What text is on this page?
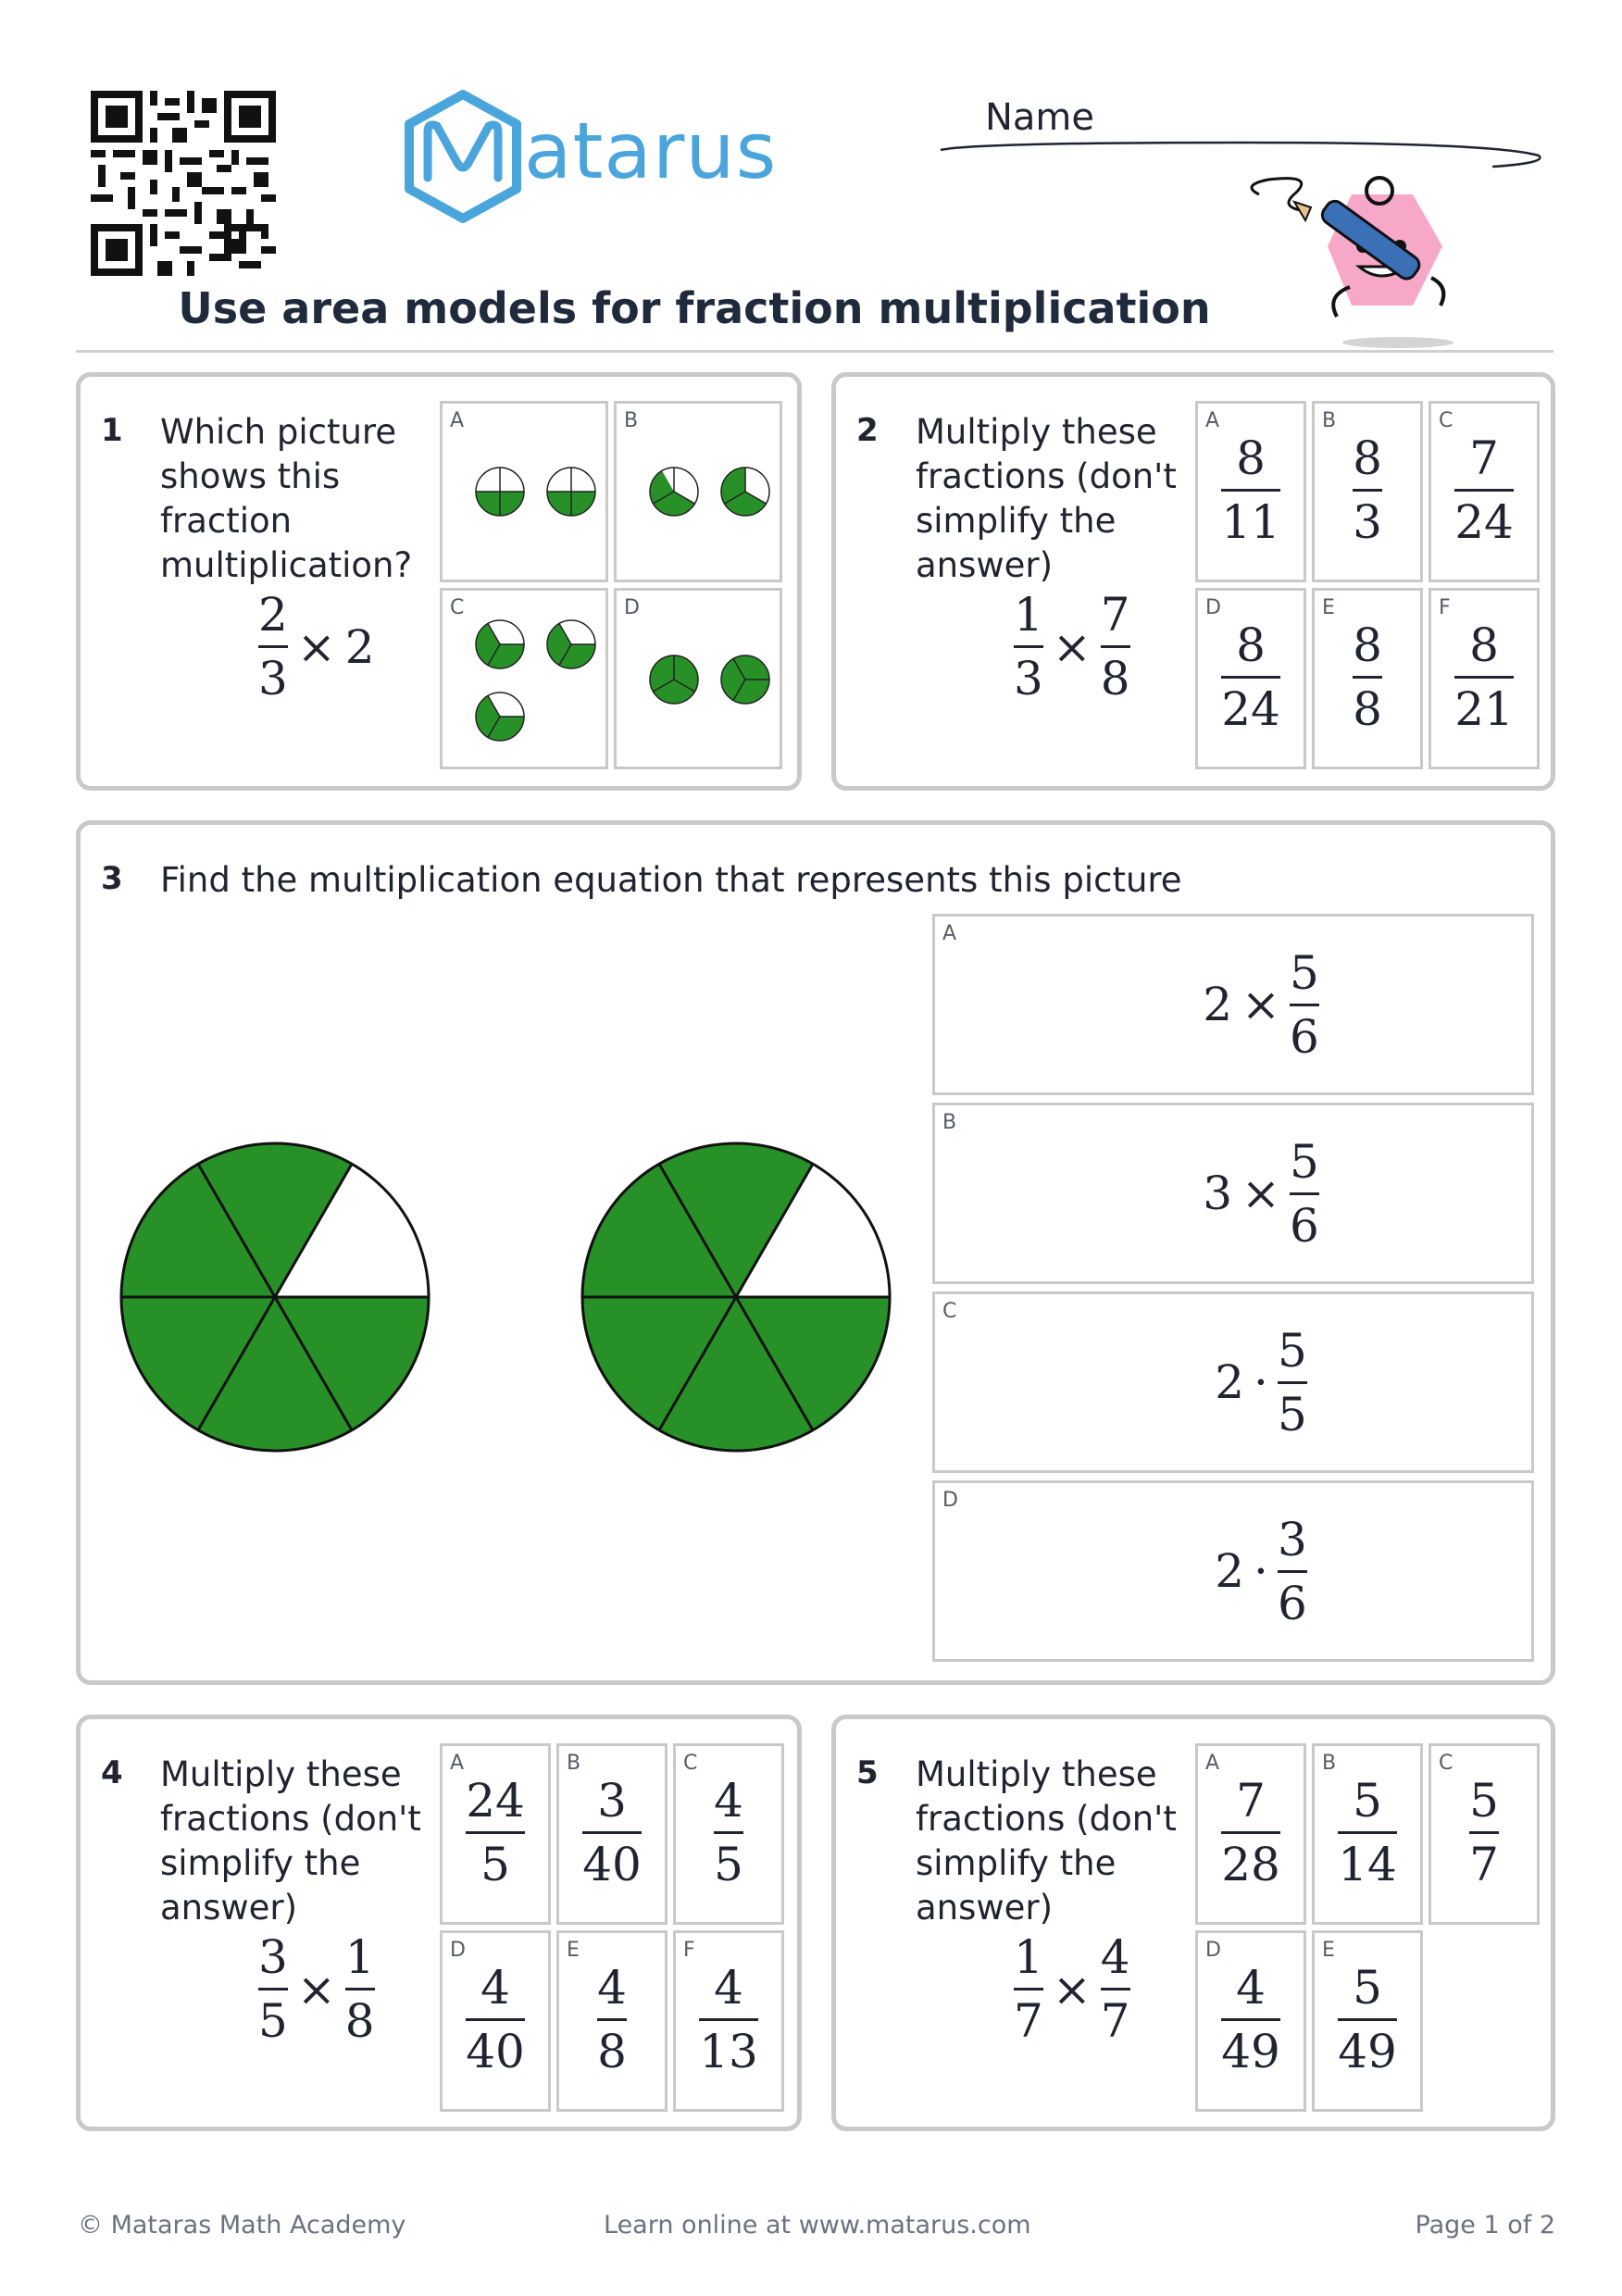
atarus	Name
Use area models for fraction multiplication
1 Which picture
shows this
fraction
multiplication?
$\frac{2}{3} \times 2$
A	B
C	D
2 Multiply these
fractions (don't
simplify the
answer)
$\frac{1}{3} \times \frac{7}{8}$
A
$\frac{8}{11}$
B
$\frac{8}{3}$
C
$\frac{7}{24}$
D
$\frac{8}{24}$
E
$\frac{8}{8}$
F
$\frac{8}{21}$
3 Find the multiplication equation that represents this picture
A
$2 \times \frac{5}{6}$
B
$3 \times \frac{5}{6}$
C
$2 \cdot \frac{5}{5}$
D
$2 \cdot \frac{3}{6}$
4 Multiply these
fractions (don't
simplify the
answer)
$\frac{3}{5} \times \frac{1}{8}$
A
$\frac{24}{5}$
B
$\frac{3}{40}$
C
$\frac{4}{5}$
D
$\frac{4}{40}$
E
$\frac{4}{8}$
F
$\frac{4}{13}$
5 Multiply these
fractions (don't
simplify the
answer)
$\frac{1}{7} \times \frac{4}{7}$
A
$\frac{7}{28}$
B
$\frac{5}{14}$
C
$\frac{5}{7}$
D
$\frac{4}{49}$
E
$\frac{5}{49}$
© Mataras Math Academy	Learn online at www.matarus.com	Page 1 of 2
